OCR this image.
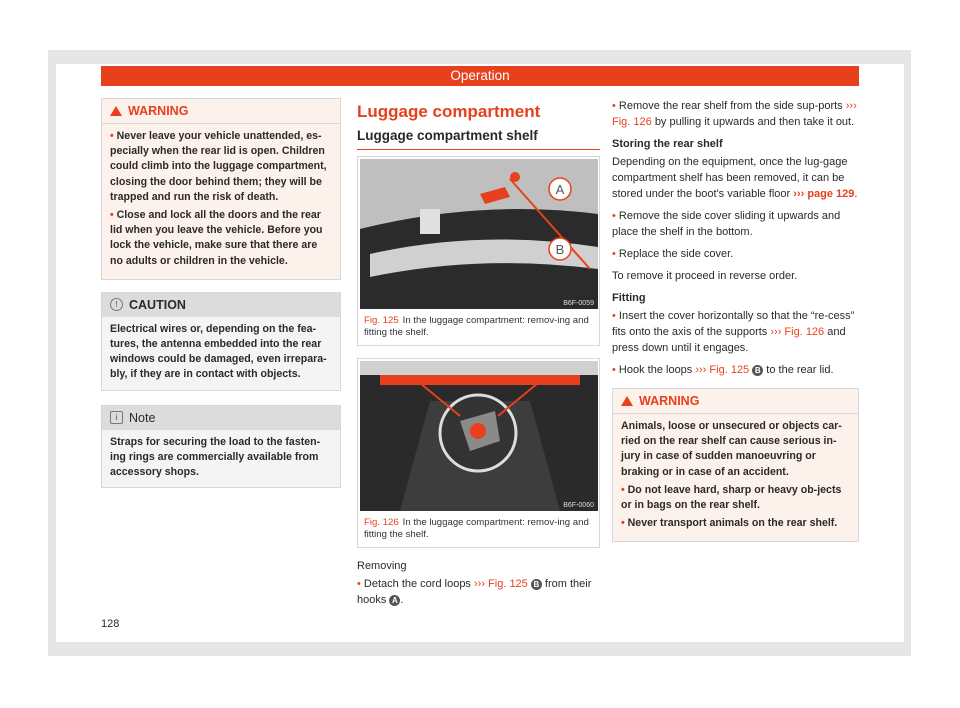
Operation
WARNING

• Never leave your vehicle unattended, es-pecially when the rear lid is open. Children could climb into the luggage compartment, closing the door behind them; they will be trapped and run the risk of death.

• Close and lock all the doors and the rear lid when you leave the vehicle. Before you lock the vehicle, make sure that there are no adults or children in the vehicle.

! CAUTION
Electrical wires or, depending on the fea-tures, the antenna embedded into the rear windows could be damaged, even irrepara-bly, if they are in contact with objects.
i Note
Straps for securing the load to the fasten-ing rings are commercially available from accessory shops.
Luggage compartment
Luggage compartment shelf
A
B
B6F-0059
Fig. 125 In the luggage compartment: remov-ing and fitting the shelf.
B6F-0060
Fig. 126 In the luggage compartment: remov-ing and fitting the shelf.
Removing

• Detach the cord loops ››› Fig. 125 B from their hooks A .

• Remove the rear shelf from the side sup-ports ››› Fig. 126 by pulling it upwards and then take it out.

Storing the rear shelf

Depending on the equipment, once the lug-gage compartment shelf has been removed, it can be stored under the boot's variable floor ››› page 129.

• Remove the side cover sliding it upwards and place the shelf in the bottom.

• Replace the side cover.

To remove it proceed in reverse order.

Fitting

• Insert the cover horizontally so that the “re-cess” fits onto the axis of the supports ››› Fig. 126 and press down until it engages.

• Hook the loops ››› Fig. 125 B to the rear lid.

WARNING

Animals, loose or unsecured or objects car-ried on the rear shelf can cause serious in-jury in case of sudden manoeuvring or braking or in case of an accident.

• Do not leave hard, sharp or heavy ob-jects or in bags on the rear shelf.

• Never transport animals on the rear shelf.

128
